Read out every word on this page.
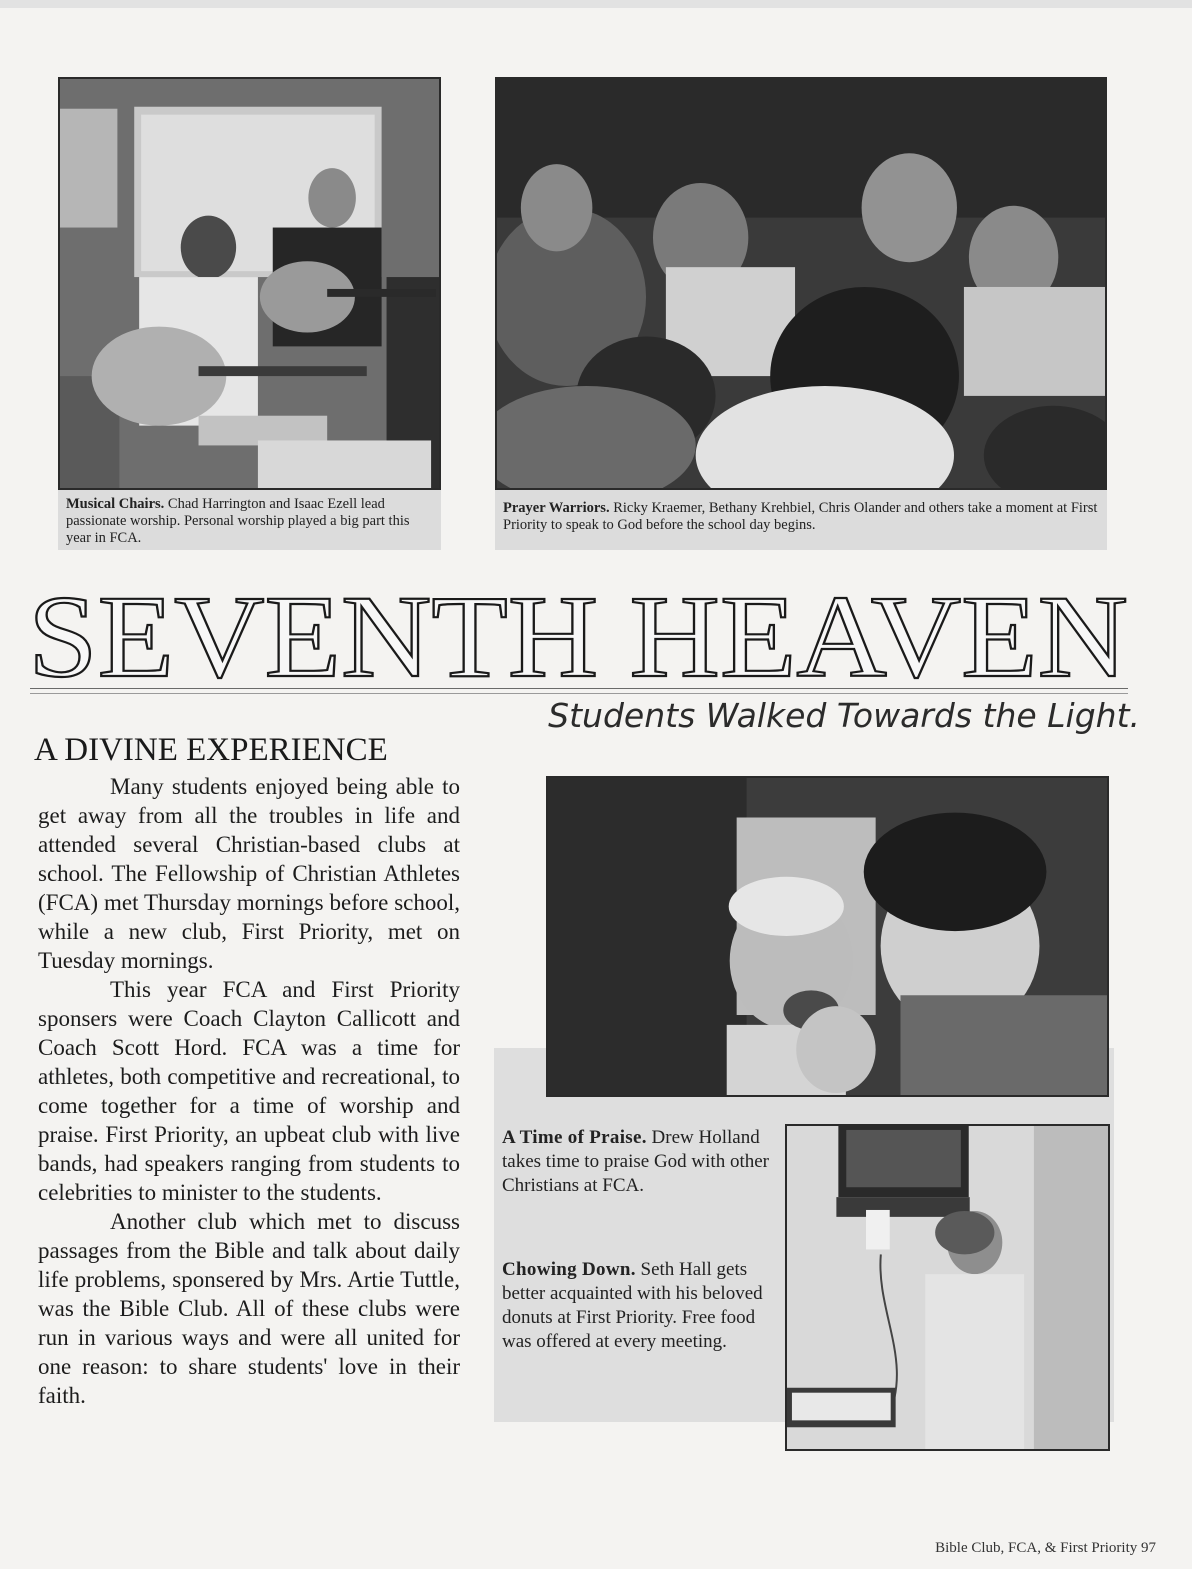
Musical Chairs. Chad Harrington and Isaac Ezell lead passionate worship. Personal worship played a big part this year in FCA.
Prayer Warriors. Ricky Kraemer, Bethany Krehbiel, Chris Olander and others take a moment at First Priority to speak to God before the school day begins.
SEVENTH HEAVEN
Students Walked Towards the Light.
A DIVINE EXPERIENCE

Many students enjoyed being able to get away from all the troubles in life and attended several Christian-based clubs at school. The Fellowship of Christian Athletes (FCA) met Thursday mornings before school, while a new club, First Priority, met on Tuesday mornings.

This year FCA and First Priority sponsers were Coach Clayton Callicott and Coach Scott Hord. FCA was a time for athletes, both competitive and recreational, to come together for a time of worship and praise. First Priority, an upbeat club with live bands, had speakers ranging from students to celebrities to minister to the students.

Another club which met to discuss passages from the Bible and talk about daily life problems, sponsered by Mrs. Artie Tuttle, was the Bible Club. All of these clubs were run in various ways and were all united for one reason: to share students' love in their faith.

A Time of Praise. Drew Holland takes time to praise God with other Christians at FCA.
Chowing Down. Seth Hall gets better acquainted with his beloved donuts at First Priority. Free food was offered at every meeting.
Bible Club, FCA, & First Priority 97
